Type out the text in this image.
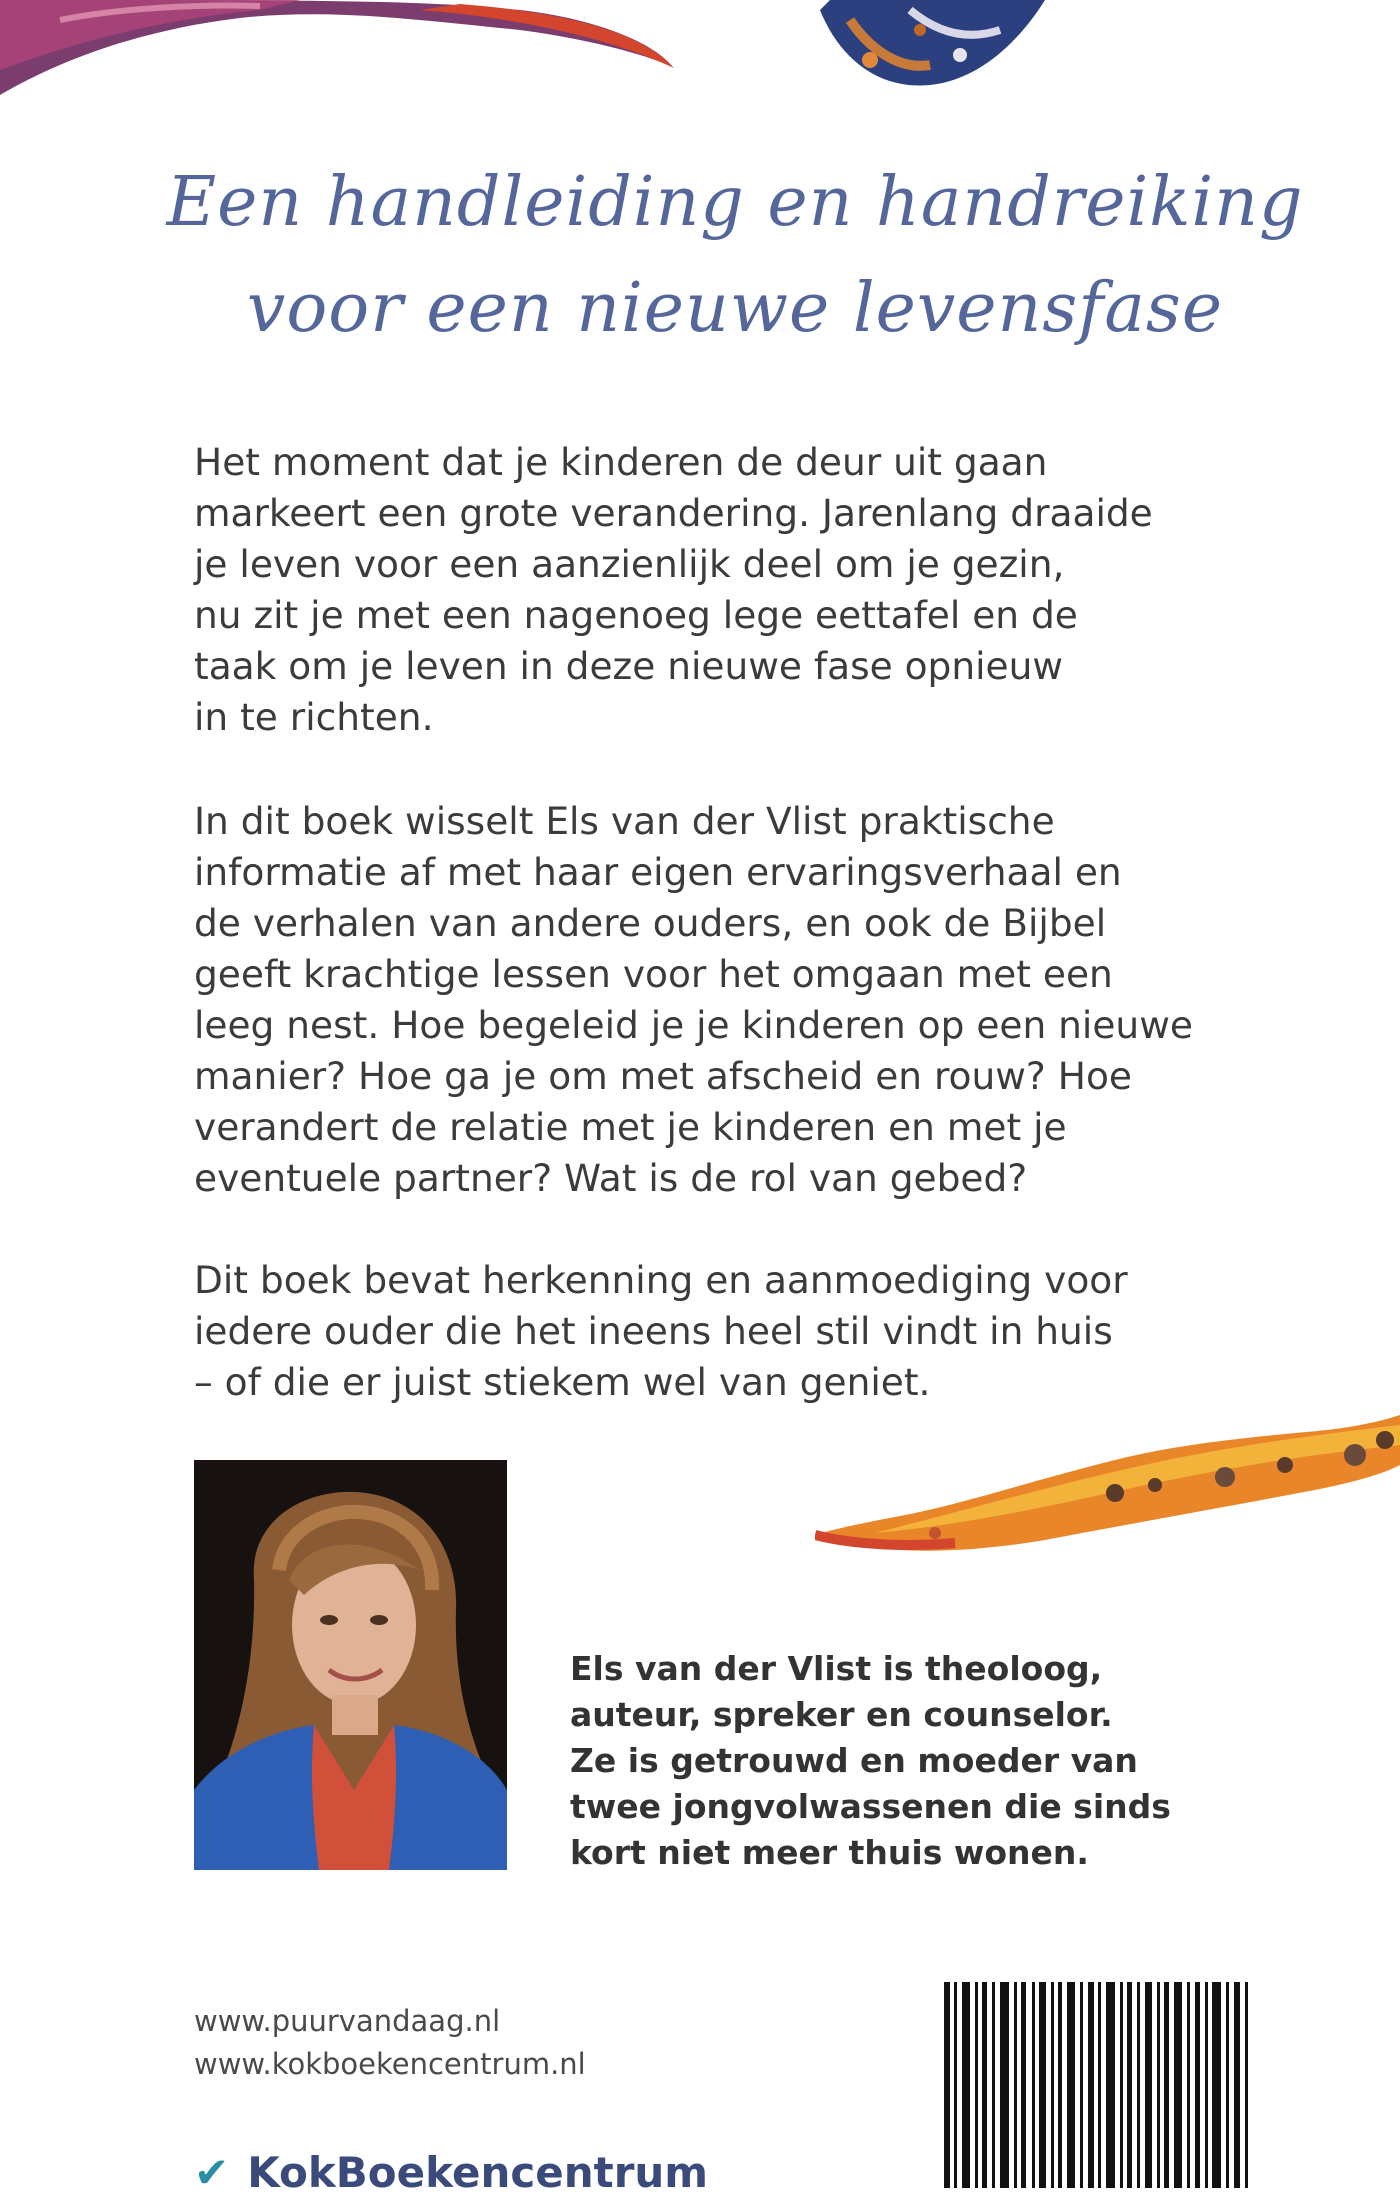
Een handleiding en handreiking
voor een nieuwe levensfase
Het moment dat je kinderen de deur uit gaan
markeert een grote verandering. Jarenlang draaide
je leven voor een aanzienlijk deel om je gezin,
nu zit je met een nagenoeg lege eettafel en de
taak om je leven in deze nieuwe fase opnieuw
in te richten.
In dit boek wisselt Els van der Vlist praktische
informatie af met haar eigen ervaringsverhaal en
de verhalen van andere ouders, en ook de Bijbel
geeft krachtige lessen voor het omgaan met een
leeg nest. Hoe begeleid je je kinderen op een nieuwe
manier? Hoe ga je om met afscheid en rouw? Hoe
verandert de relatie met je kinderen en met je
eventuele partner? Wat is de rol van gebed?
Dit boek bevat herkenning en aanmoediging voor
iedere ouder die het ineens heel stil vindt in huis
– of die er juist stiekem wel van geniet.
Els van der Vlist is theoloog,
auteur, spreker en counselor.
Ze is getrouwd en moeder van
twee jongvolwassenen die sinds
kort niet meer thuis wonen.
www.puurvandaag.nl
www.kokboekencentrum.nl
✔ KokBoekencentrum
